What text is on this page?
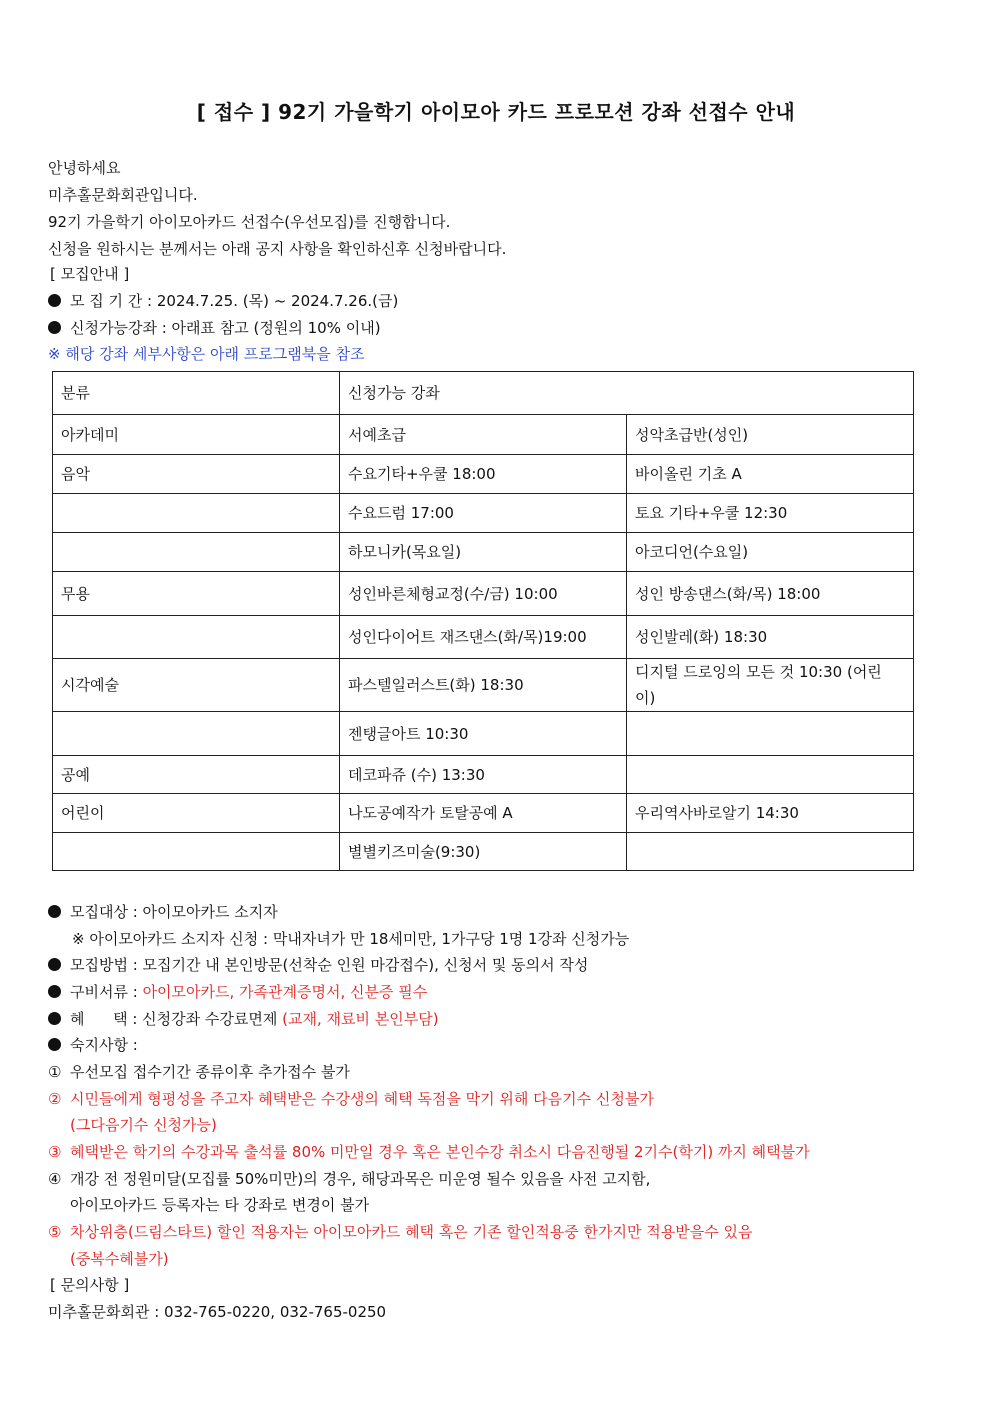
[ 접수 ] 92기 가을학기 아이모아 카드 프로모션 강좌 선접수 안내
안녕하세요
미추홀문화회관입니다.
92기 가을학기 아이모아카드 선접수(우선모집)를 진행합니다.
신청을 원하시는 분께서는 아래 공지 사항을 확인하신후 신청바랍니다.
[ 모집안내 ]
모 집 기 간 : 2024.7.25. (목) ~ 2024.7.26.(금)
신청가능강좌 : 아래표 참고 (정원의 10% 이내)
※ 해당 강좌 세부사항은 아래 프로그램북을 참조
분류	신청가능 강좌	
아카데미	서예초급	성악초급반(성인)
음악	수요기타+우쿨 18:00	바이올린 기초 A
	수요드럼 17:00	토요 기타+우쿨 12:30
	하모니카(목요일)	아코디언(수요일)
무용	성인바른체형교정(수/금) 10:00	성인 방송댄스(화/목) 18:00
	성인다이어트 재즈댄스(화/목)19:00	성인발레(화) 18:30
시각예술	파스텔일러스트(화) 18:30	디지털 드로잉의 모든 것 10:30 (어린이)
	젠탱글아트 10:30	
공예	데코파쥬 (수) 13:30	
어린이	나도공예작가 토탈공예 A	우리역사바로알기 14:30
	별별키즈미술(9:30)	
모집대상 : 아이모아카드 소지자
※ 아이모아카드 소지자 신청 : 막내자녀가 만 18세미만, 1가구당 1명 1강좌 신청가능
모집방법 : 모집기간 내 본인방문(선착순 인원 마감접수), 신청서 및 동의서 작성
구비서류 : 아이모아카드, 가족관계증명서, 신분증 필수
혜      택 : 신청강좌 수강료면제 (교재, 재료비 본인부담)
숙지사항 :
① 우선모집 접수기간 종류이후 추가접수 불가
② 시민들에게 형평성을 주고자 혜택받은 수강생의 혜택 독점을 막기 위해 다음기수 신청불가
(그다음기수 신청가능)
③ 혜택받은 학기의 수강과목 출석률 80% 미만일 경우 혹은 본인수강 취소시 다음진행될 2기수(학기) 까지 혜택불가
④ 개강 전 정원미달(모집률 50%미만)의 경우, 해당과목은 미운영 될수 있음을 사전 고지함,
아이모아카드 등록자는 타 강좌로 변경이 불가
⑤ 차상위층(드림스타트) 할인 적용자는 아이모아카드 혜택 혹은 기존 할인적용중 한가지만 적용받을수 있음
(중복수혜불가)
[ 문의사항 ]
미추홀문화회관 : 032-765-0220, 032-765-0250
